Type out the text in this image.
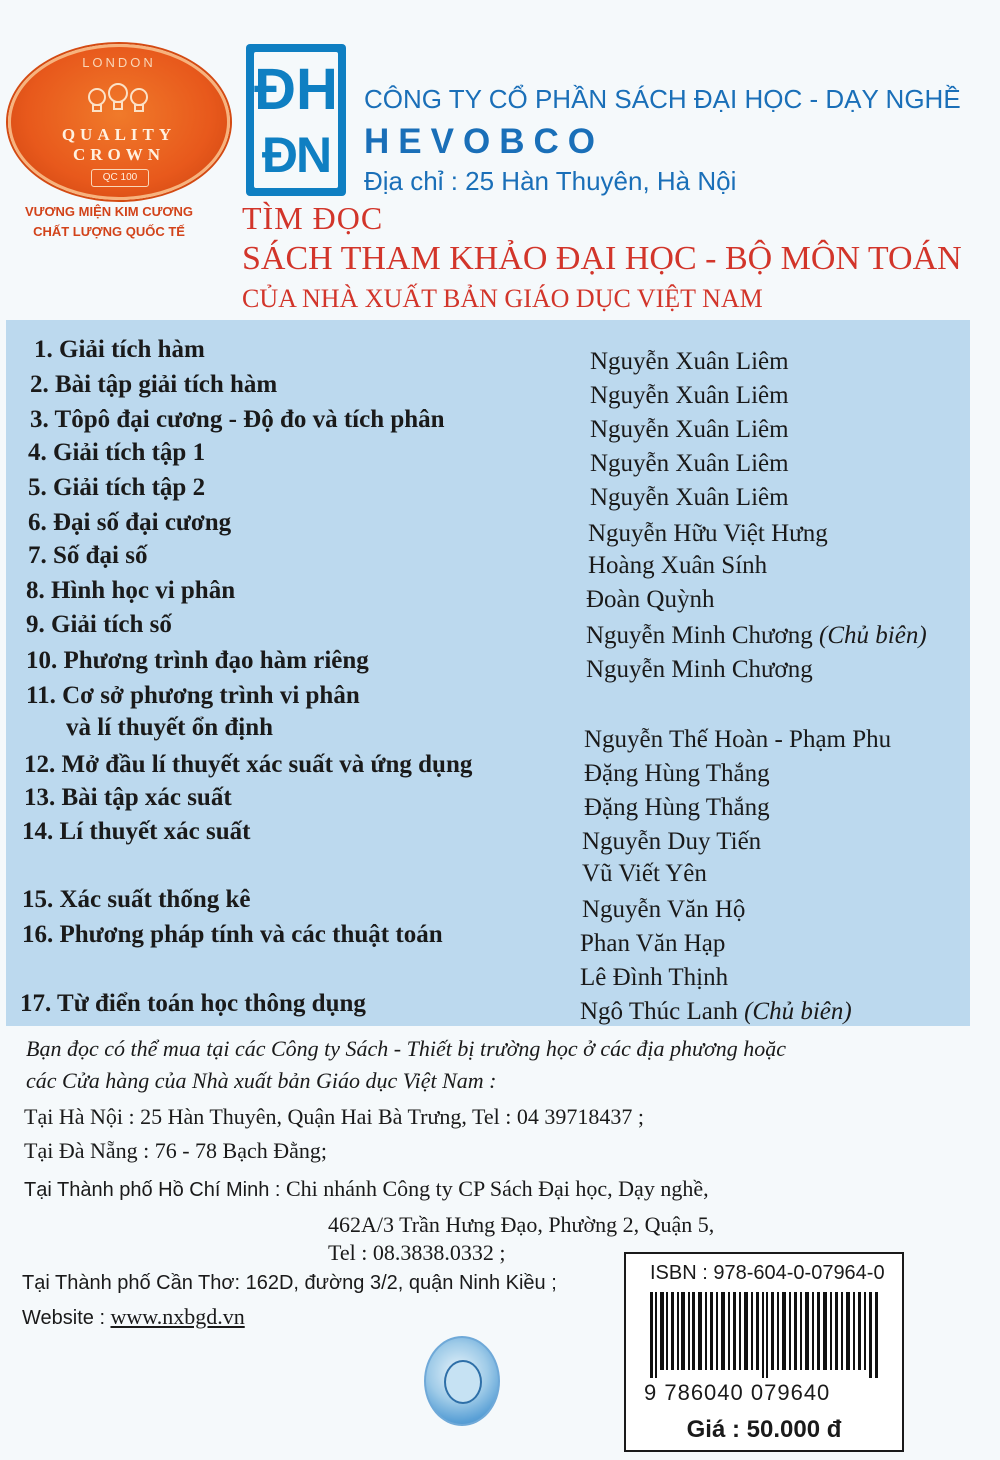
LONDON
QUALITY
CROWN
QC 100
VƯƠNG MIỆN KIM CƯƠNG
CHẤT LƯỢNG QUỐC TẾ
ĐH
ĐN
CÔNG TY CỔ PHẦN SÁCH ĐẠI HỌC - DẠY NGHỀ
HEVOBCO
Địa chỉ : 25 Hàn Thuyên, Hà Nội
TÌM ĐỌC
SÁCH THAM KHẢO ĐẠI HỌC - BỘ MÔN TOÁN
CỦA NHÀ XUẤT BẢN GIÁO DỤC VIỆT NAM
1. Giải tích hàm
2. Bài tập giải tích hàm
3. Tôpô đại cương - Độ đo và tích phân
4. Giải tích tập 1
5. Giải tích tập 2
6. Đại số đại cương
7. Số đại số
8. Hình học vi phân
9. Giải tích số
10. Phương trình đạo hàm riêng
11. Cơ sở phương trình vi phân
và lí thuyết ổn định
12. Mở đầu lí thuyết xác suất và ứng dụng
13. Bài tập xác suất
14. Lí thuyết xác suất
15. Xác suất thống kê
16. Phương pháp tính và các thuật toán
17. Từ điển toán học thông dụng
Nguyễn Xuân Liêm
Nguyễn Xuân Liêm
Nguyễn Xuân Liêm
Nguyễn Xuân Liêm
Nguyễn Xuân Liêm
Nguyễn Hữu Việt Hưng
Hoàng Xuân Sính
Đoàn Quỳnh
Nguyễn Minh Chương (Chủ biên)
Nguyễn Minh Chương
Nguyễn Thế Hoàn - Phạm Phu
Đặng Hùng Thắng
Đặng Hùng Thắng
Nguyễn Duy Tiến
Vũ Viết Yên
Nguyễn Văn Hộ
Phan Văn Hạp
Lê Đình Thịnh
Ngô Thúc Lanh (Chủ biên)
Bạn đọc có thể mua tại các Công ty Sách - Thiết bị trường học ở các địa phương hoặc
các Cửa hàng của Nhà xuất bản Giáo dục Việt Nam :
Tại Hà Nội : 25 Hàn Thuyên, Quận Hai Bà Trưng, Tel : 04 39718437 ;
Tại Đà Nẵng : 76 - 78 Bạch Đằng;
Tại Thành phố Hồ Chí Minh : Chi nhánh Công ty CP Sách Đại học, Dạy nghề,
462A/3 Trần Hưng Đạo, Phường 2, Quận 5,
Tel : 08.3838.0332 ;
Tại Thành phố Cần Thơ: 162D, đường 3/2, quận Ninh Kiều ;
Website : www.nxbgd.vn
ISBN : 978-604-0-07964-0
9 786040 079640
Giá : 50.000 đ
